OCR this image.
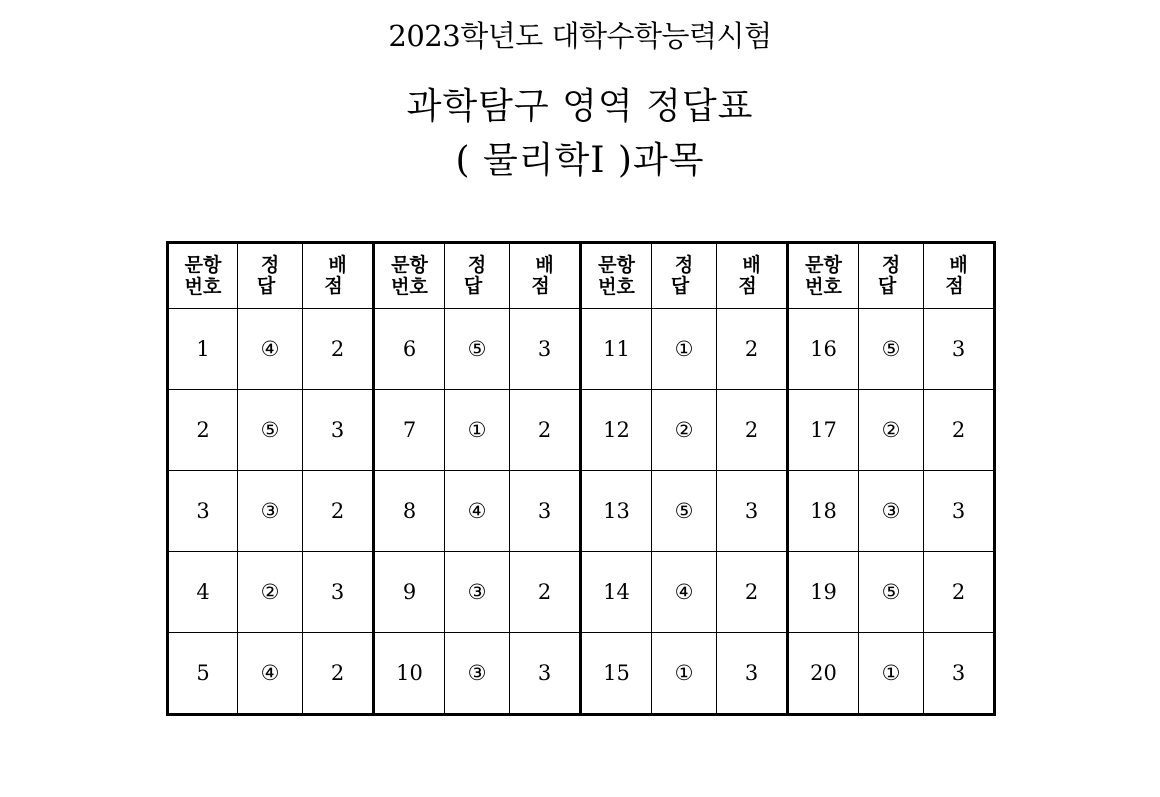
2023학년도 대학수학능력시험
과학탐구 영역 정답표
( 물리학Ⅰ )과목
문항번호	정 답	배 점	문항번호	정 답	배 점	문항번호	정 답	배 점	문항번호	정 답	배 점
1	④	2	6	⑤	3	11	①	2	16	⑤	3
2	⑤	3	7	①	2	12	②	2	17	②	2
3	③	2	8	④	3	13	⑤	3	18	③	3
4	②	3	9	③	2	14	④	2	19	⑤	2
5	④	2	10	③	3	15	①	3	20	①	3
